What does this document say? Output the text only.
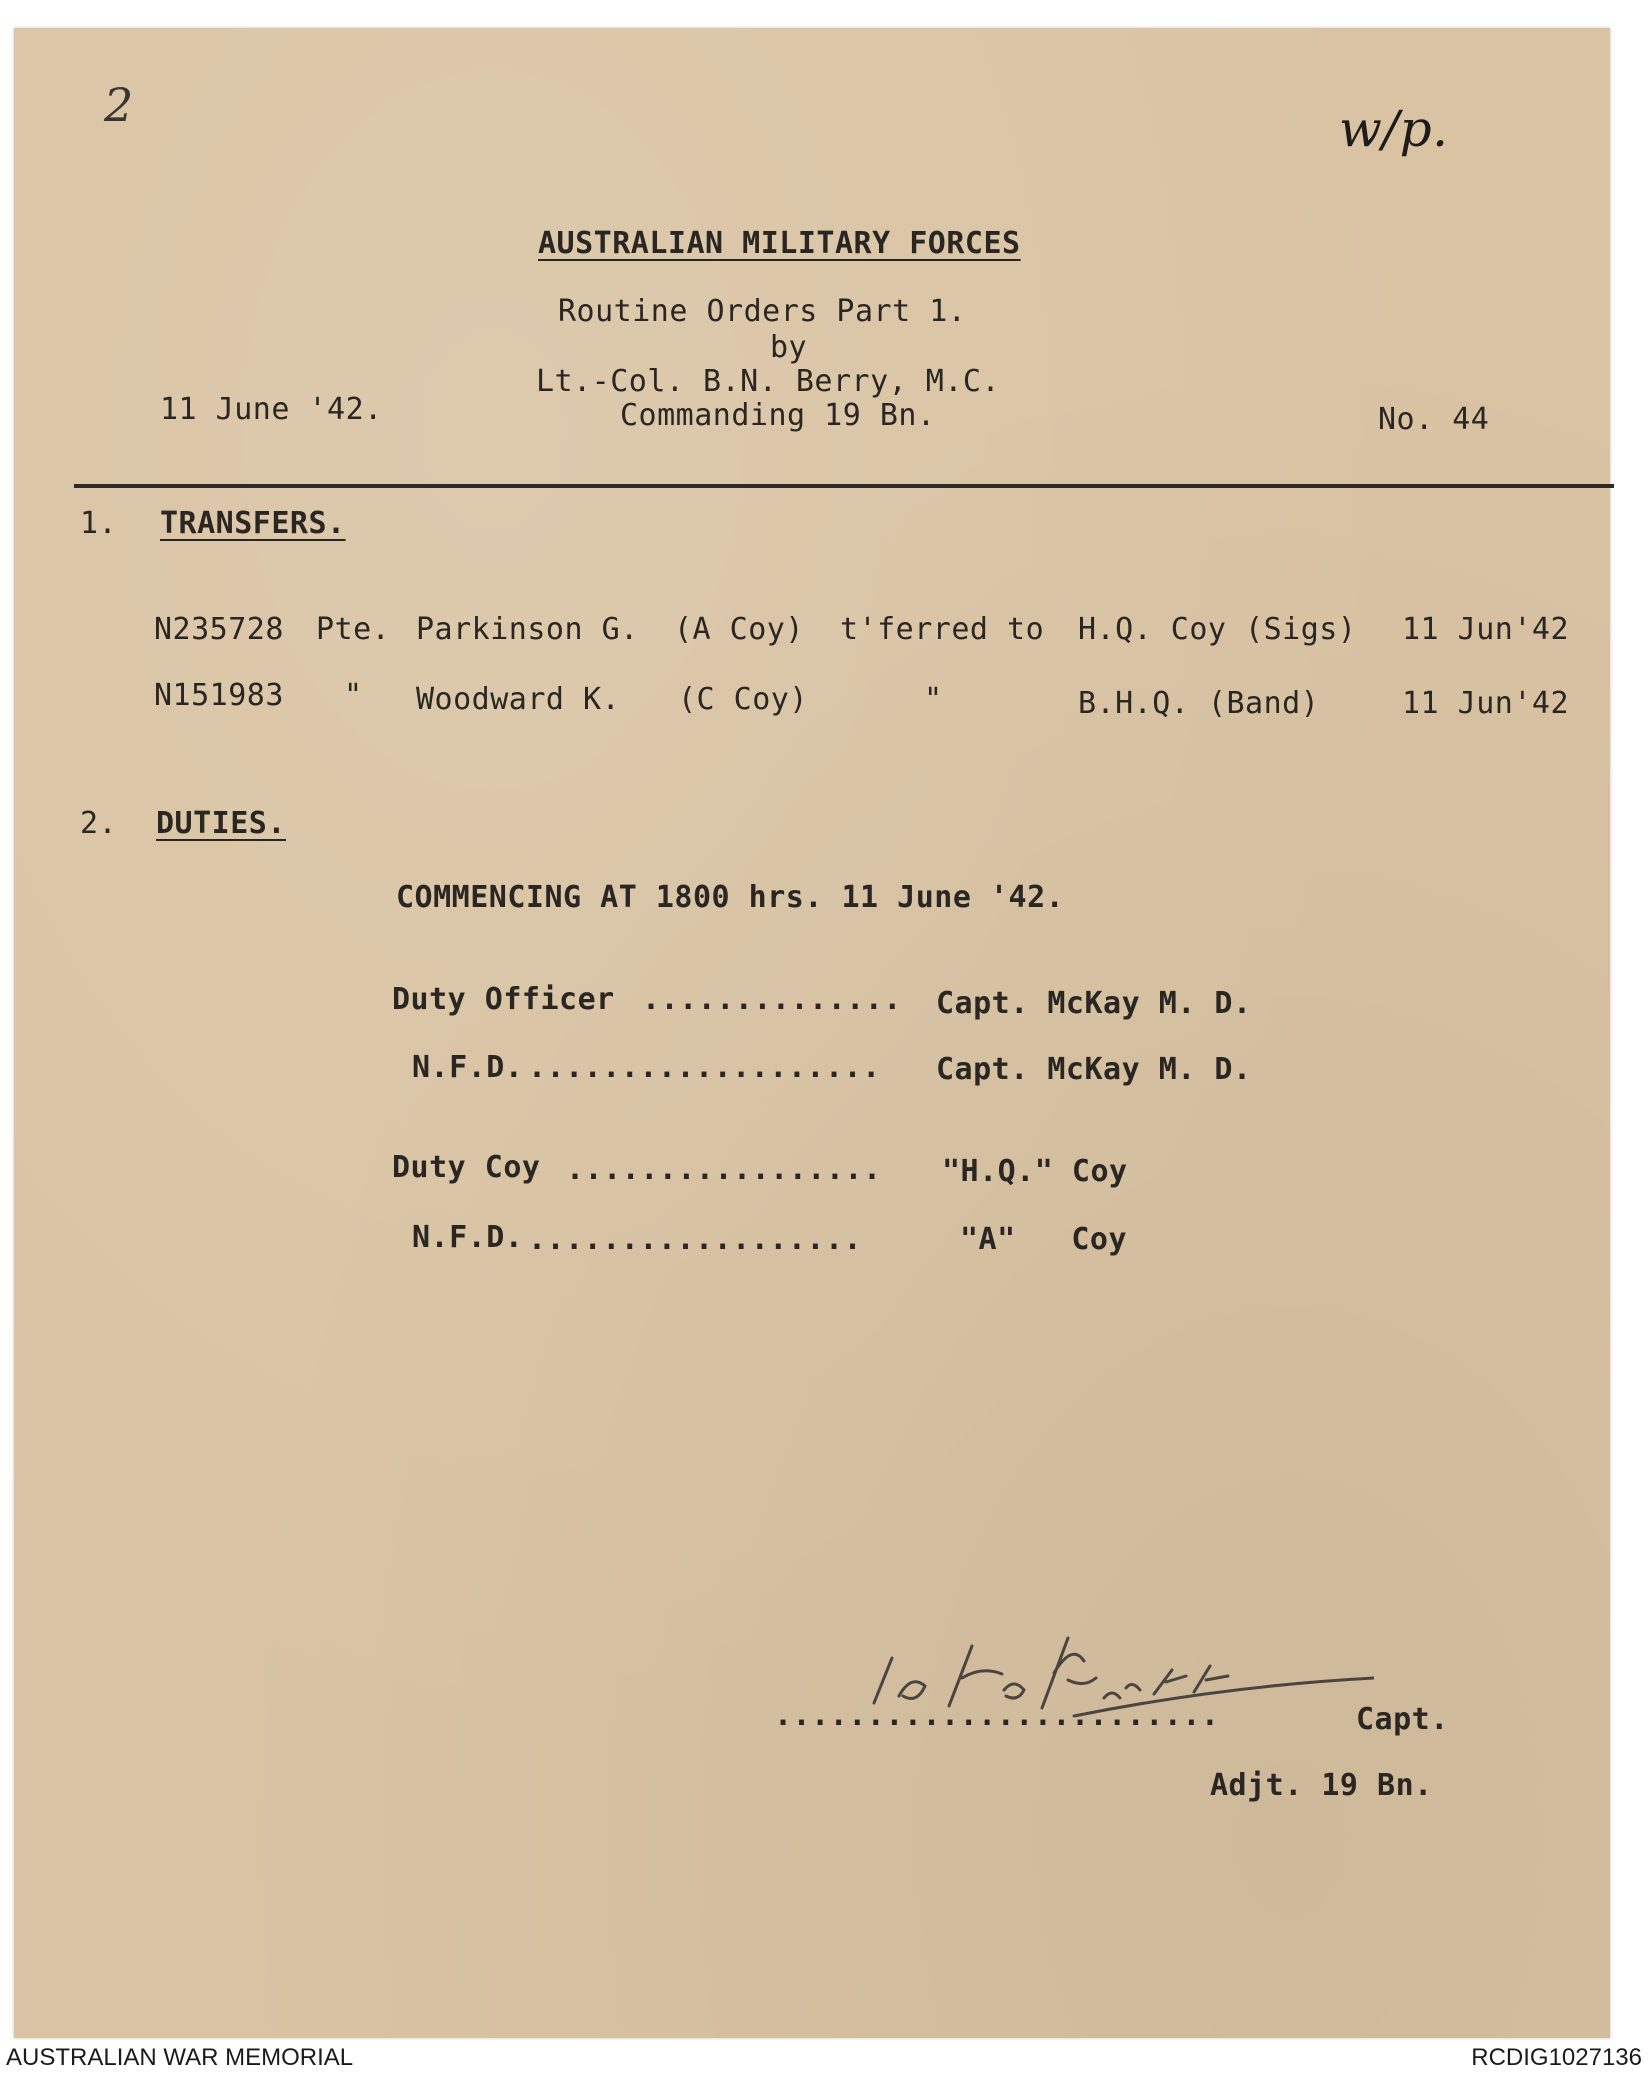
2	w/p.
AUSTRALIAN MILITARY FORCES
Routine Orders Part 1.
by
Lt.-Col. B.N. Berry, M.C.
Commanding 19 Bn.
11 June '42.	No. 44
1. TRANSFERS.
N235728 Pte. Parkinson G. (A Coy) t'ferred to H.Q. Coy (Sigs) 11 Jun'42
N151983 " Woodward K. (C Coy)	"	B.H.Q. (Band)	11 Jun'42
2. DUTIES.
COMMENCING AT 1800 hrs. 11 June '42.
Duty Officer .............. Capt. McKay M. D.
N.F.D. ................... Capt. McKay M. D.
Duty Coy ................. "H.Q." Coy
N.F.D. ..................	"A"   Coy
........................	Capt.
Adjt. 19 Bn.
AUSTRALIAN WAR MEMORIAL	RCDIG1027136
